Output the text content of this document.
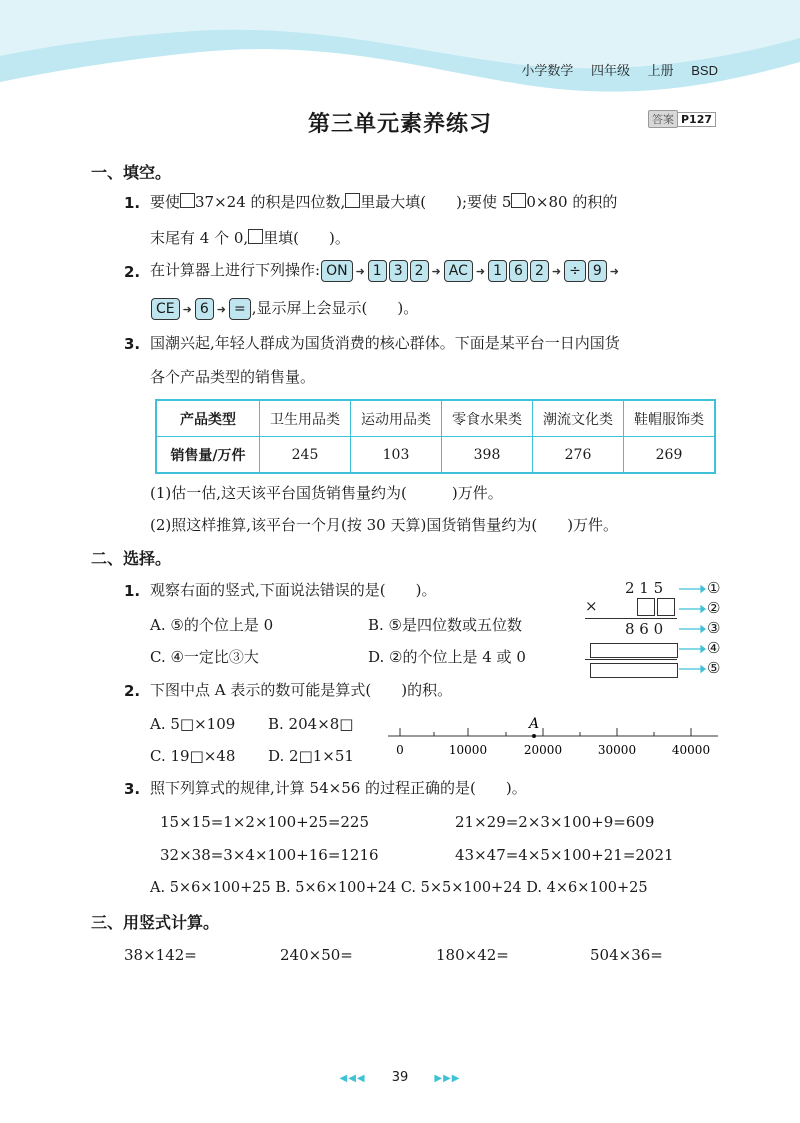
小学数学 四年级 上册 BSD
第三单元素养练习	答案 P127
一、填空。
1. 要使 37×24 的积是四位数, 里最大填(　　);要使 5 0×80 的积的
末尾有 4 个 0, 里填(　　)。
2. 在计算器上进行下列操作: ON ➜ 1 3 2 ➜ AC ➜ 1 6 2 ➜ ÷ 9 ➜
CE ➜ 6 ➜ = ,显示屏上会显示(　　)。
3. 国潮兴起,年轻人群成为国货消费的核心群体。下面是某平台一日内国货
各个产品类型的销售量。
产品类型	卫生用品类	运动用品类	零食水果类	潮流文化类	鞋帽服饰类
销售量/万件	245	103	398	276	269
(1)估一估,这天该平台国货销售量约为(　　　)万件。
(2)照这样推算,该平台一个月(按 30 天算)国货销售量约为(　　)万件。
二、选择。
1. 观察右面的竖式,下面说法错误的是(　　)。
A. ⑤的个位上是 0	B. ⑤是四位数或五位数
C. ④一定比③大	D. ②的个位上是 4 或 0
2 1 5
×
8 6 0
①
②
③
④
⑤
2. 下图中点 A 表示的数可能是算式(　　)的积。
A. 5□×109 B. 204×8□
C. 19□×48 D. 2□1×51
A
0	10000	20000	30000	40000
3. 照下列算式的规律,计算 54×56 的过程正确的是(　　)。
15×15=1×2×100+25=225	21×29=2×3×100+9=609
32×38=3×4×100+16=1216	43×47=4×5×100+21=2021
A. 5×6×100+25 B. 5×6×100+24 C. 5×5×100+24 D. 4×6×100+25
三、用竖式计算。
38×142=	240×50=	180×42=	504×36=
◀◀◀ 39	▶▶▶
